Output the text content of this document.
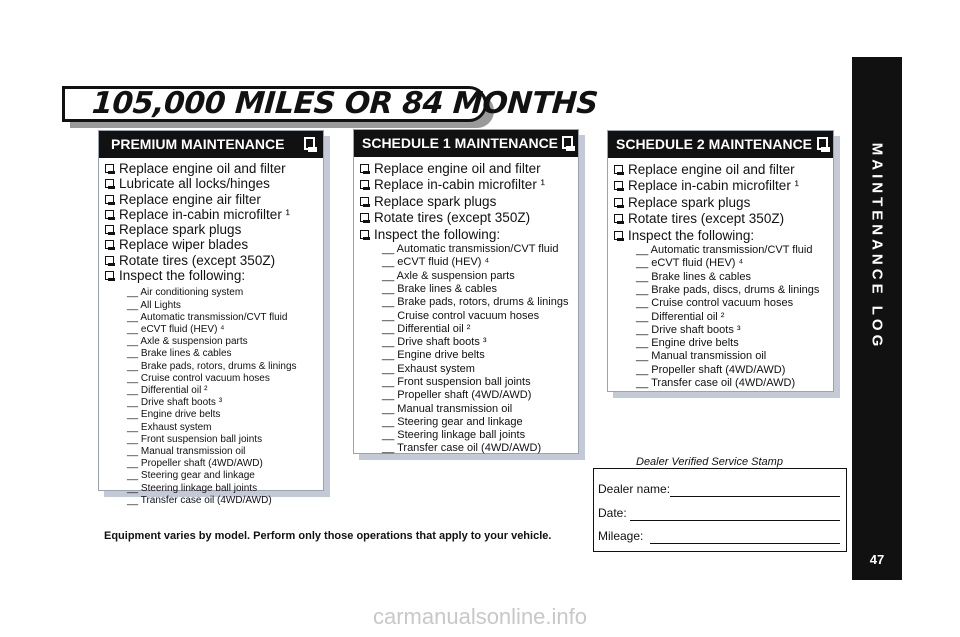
105,000 MILES OR 84 MONTHS
PREMIUM MAINTENANCE
Replace engine oil and filter
Lubricate all locks/hinges
Replace engine air filter
Replace in-cabin microfilter ¹
Replace spark plugs
Replace wiper blades
Rotate tires (except 350Z)
Inspect the following:
__ Air conditioning system
__ All Lights
__ Automatic transmission/CVT fluid
__ eCVT fluid (HEV) ⁴
__ Axle & suspension parts
__ Brake lines & cables
__ Brake pads, rotors, drums & linings
__ Cruise control vacuum hoses
__ Differential oil ²
__ Drive shaft boots ³
__ Engine drive belts
__ Exhaust system
__ Front suspension ball joints
__ Manual transmission oil
__ Propeller shaft (4WD/AWD)
__ Steering gear and linkage
__ Steering linkage ball joints
__ Transfer case oil (4WD/AWD)
SCHEDULE 1 MAINTENANCE
Replace engine oil and filter
Replace in-cabin microfilter ¹
Replace spark plugs
Rotate tires (except 350Z)
Inspect the following:
__ Automatic transmission/CVT fluid
__ eCVT fluid (HEV) ⁴
__ Axle & suspension parts
__ Brake lines & cables
__ Brake pads, rotors, drums & linings
__ Cruise control vacuum hoses
__ Differential oil ²
__ Drive shaft boots ³
__ Engine drive belts
__ Exhaust system
__ Front suspension ball joints
__ Propeller shaft (4WD/AWD)
__ Manual transmission oil
__ Steering gear and linkage
__ Steering linkage ball joints
__ Transfer case oil (4WD/AWD)
SCHEDULE 2 MAINTENANCE
Replace engine oil and filter
Replace in-cabin microfilter ¹
Replace spark plugs
Rotate tires (except 350Z)
Inspect the following:
__ Automatic transmission/CVT fluid
__ eCVT fluid (HEV) ⁴
__ Brake lines & cables
__ Brake pads, discs, drums & linings
__ Cruise control vacuum hoses
__ Differential oil ²
__ Drive shaft boots ³
__ Engine drive belts
__ Manual transmission oil
__ Propeller shaft (4WD/AWD)
__ Transfer case oil (4WD/AWD)
Dealer Verified Service Stamp
Dealer name:
Date:
Mileage:
Equipment varies by model. Perform only those operations that apply to your vehicle.
MAINTENANCE LOG
47
carmanualsonline.info
